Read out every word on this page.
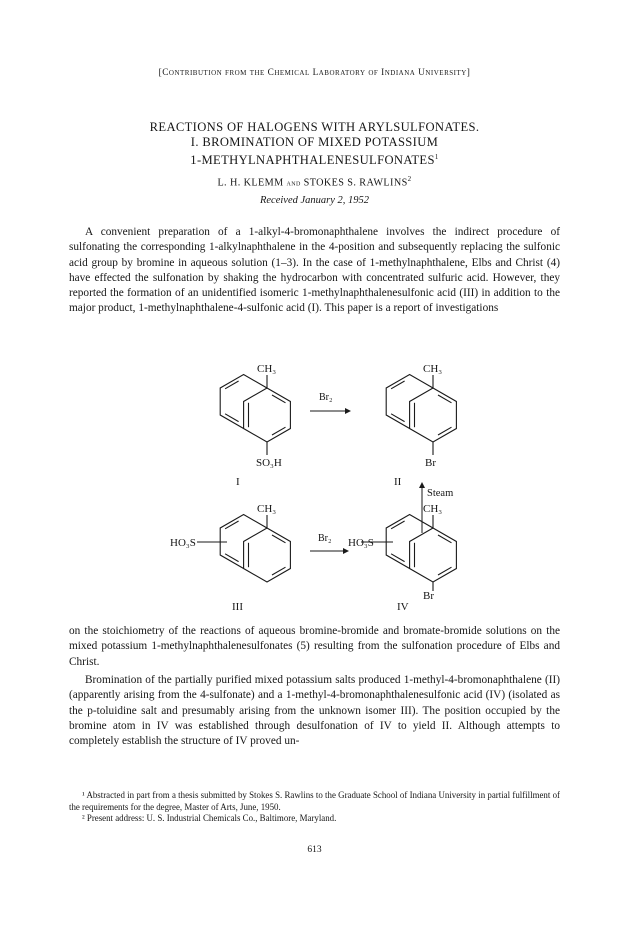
[Contribution from the Chemical Laboratory of Indiana University]
REACTIONS OF HALOGENS WITH ARYLSULFONATES.
I. BROMINATION OF MIXED POTASSIUM
1-METHYLNAPHTHALENESULFONATES$^1$
L. H. KLEMM and STOKES S. RAWLINS$^2$
Received January 2, 1952

A convenient preparation of a 1-alkyl-4-bromonaphthalene involves the indirect procedure of sulfonating the corresponding 1-alkylnaphthalene in the 4-position and subsequently replacing the sulfonic acid group by bromine in aqueous solution (1–3). In the case of 1-methylnaphthalene, Elbs and Christ (4) have effected the sulfonation by shaking the hydrocarbon with concentrated sulfuric acid. However, they reported the formation of an unidentified isomeric 1-methylnaphthalenesulfonic acid (III) in addition to the major product, 1-methylnaphthalene-4-sulfonic acid (I). This paper is a report of investigations

CH₃
SO₃H
I
Br₂
CH₃
Br
II
Steam
CH₃
HO₃S
III
Br₂
CH₃
HO₃S
Br
IV

on the stoichiometry of the reactions of aqueous bromine-bromide and bromate-bromide solutions on the mixed potassium 1-methylnaphthalenesulfonates (5) resulting from the sulfonation procedure of Elbs and Christ.

Bromination of the partially purified mixed potassium salts produced 1-methyl-4-bromonaphthalene (II) (apparently arising from the 4-sulfonate) and a 1-methyl-4-bromonaphthalenesulfonic acid (IV) (isolated as the p-toluidine salt and presumably arising from the unknown isomer III). The position occupied by the bromine atom in IV was established through desulfonation of IV to yield II. Although attempts to completely establish the structure of IV proved un-

¹ Abstracted in part from a thesis submitted by Stokes S. Rawlins to the Graduate School of Indiana University in partial fulfillment of the requirements for the degree, Master of Arts, June, 1950.

² Present address: U. S. Industrial Chemicals Co., Baltimore, Maryland.

613
